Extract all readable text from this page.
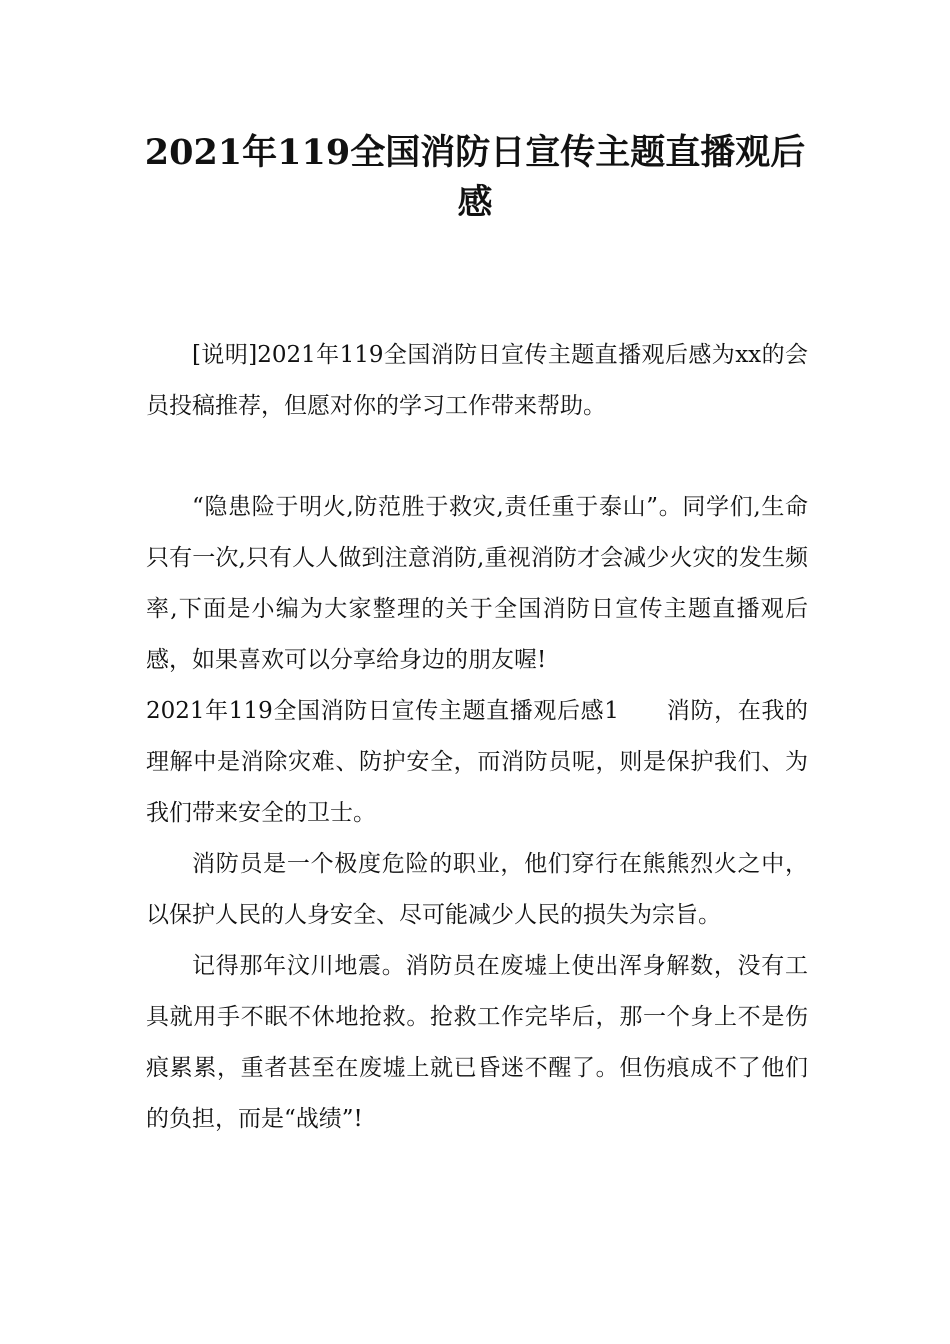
2021年119全国消防日宣传主题直播观后感

[说明]2021年119全国消防日宣传主题直播观后感为xx的会员投稿推荐，但愿对你的学习工作带来帮助。

“隐患险于明火,防范胜于救灾,责任重于泰山”。同学们,生命只有一次,只有人人做到注意消防,重视消防才会减少火灾的发生频率,下面是小编为大家整理的关于全国消防日宣传主题直播观后感，如果喜欢可以分享给身边的朋友喔!

2021年119全国消防日宣传主题直播观后感1　　消防，在我的理解中是消除灾难、防护安全，而消防员呢，则是保护我们、为我们带来安全的卫士。

消防员是一个极度危险的职业，他们穿行在熊熊烈火之中，以保护人民的人身安全、尽可能减少人民的损失为宗旨。

记得那年汶川地震。消防员在废墟上使出浑身解数，没有工具就用手不眠不休地抢救。抢救工作完毕后，那一个身上不是伤痕累累，重者甚至在废墟上就已昏迷不醒了。但伤痕成不了他们的负担，而是“战绩”!
